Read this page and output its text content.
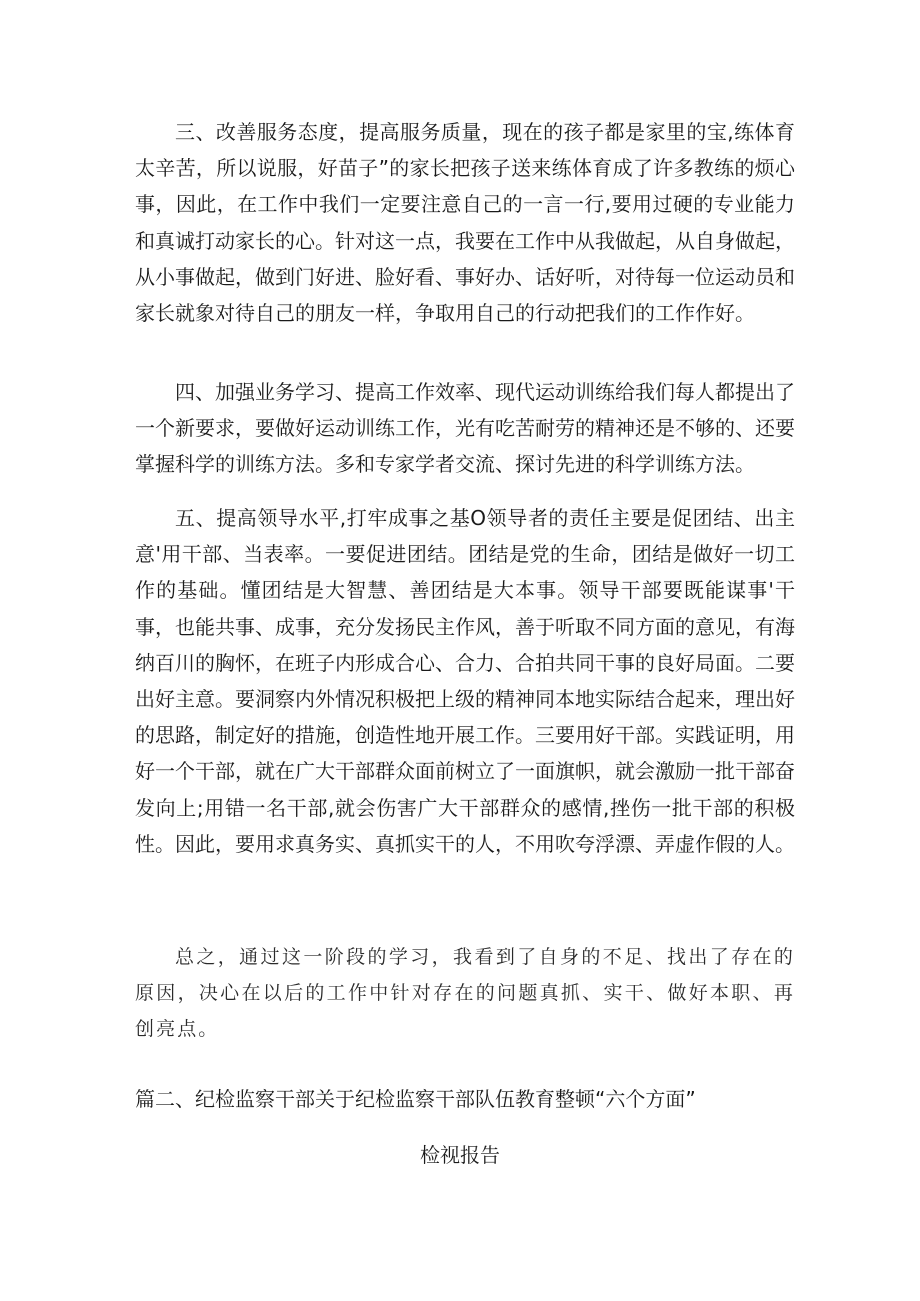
三、改善服务态度，提高服务质量，现在的孩子都是家里的宝,练体育太辛苦，所以说服，好苗子”的家长把孩子送来练体育成了许多教练的烦心事，因此，在工作中我们一定要注意自己的一言一行,要用过硬的专业能力和真诚打动家长的心。针对这一点，我要在工作中从我做起，从自身做起，从小事做起，做到门好进、脸好看、事好办、话好听，对待每一位运动员和家长就象对待自己的朋友一样，争取用自己的行动把我们的工作作好。

四、加强业务学习、提高工作效率、现代运动训练给我们每人都提出了一个新要求，要做好运动训练工作，光有吃苦耐劳的精神还是不够的、还要掌握科学的训练方法。多和专家学者交流、探讨先进的科学训练方法。

五、提高领导水平,打牢成事之基O领导者的责任主要是促团结、出主意'用干部、当表率。一要促进团结。团结是党的生命，团结是做好一切工作的基础。懂团结是大智慧、善团结是大本事。领导干部要既能谋事'干事，也能共事、成事，充分发扬民主作风，善于听取不同方面的意见，有海纳百川的胸怀，在班子内形成合心、合力、合拍共同干事的良好局面。二要出好主意。要洞察内外情况积极把上级的精神同本地实际结合起来，理出好的思路，制定好的措施，创造性地开展工作。三要用好干部。实践证明，用好一个干部，就在广大干部群众面前树立了一面旗帜，就会激励一批干部奋发向上;用错一名干部,就会伤害广大干部群众的感情,挫伤一批干部的积极性。因此，要用求真务实、真抓实干的人，不用吹夸浮漂、弄虚作假的人。

总之，通过这一阶段的学习，我看到了自身的不足、找出了存在的原因，决心在以后的工作中针对存在的问题真抓、实干、做好本职、再创亮点。

篇二、纪检监察干部关于纪检监察干部队伍教育整顿“六个方面”
检视报告
